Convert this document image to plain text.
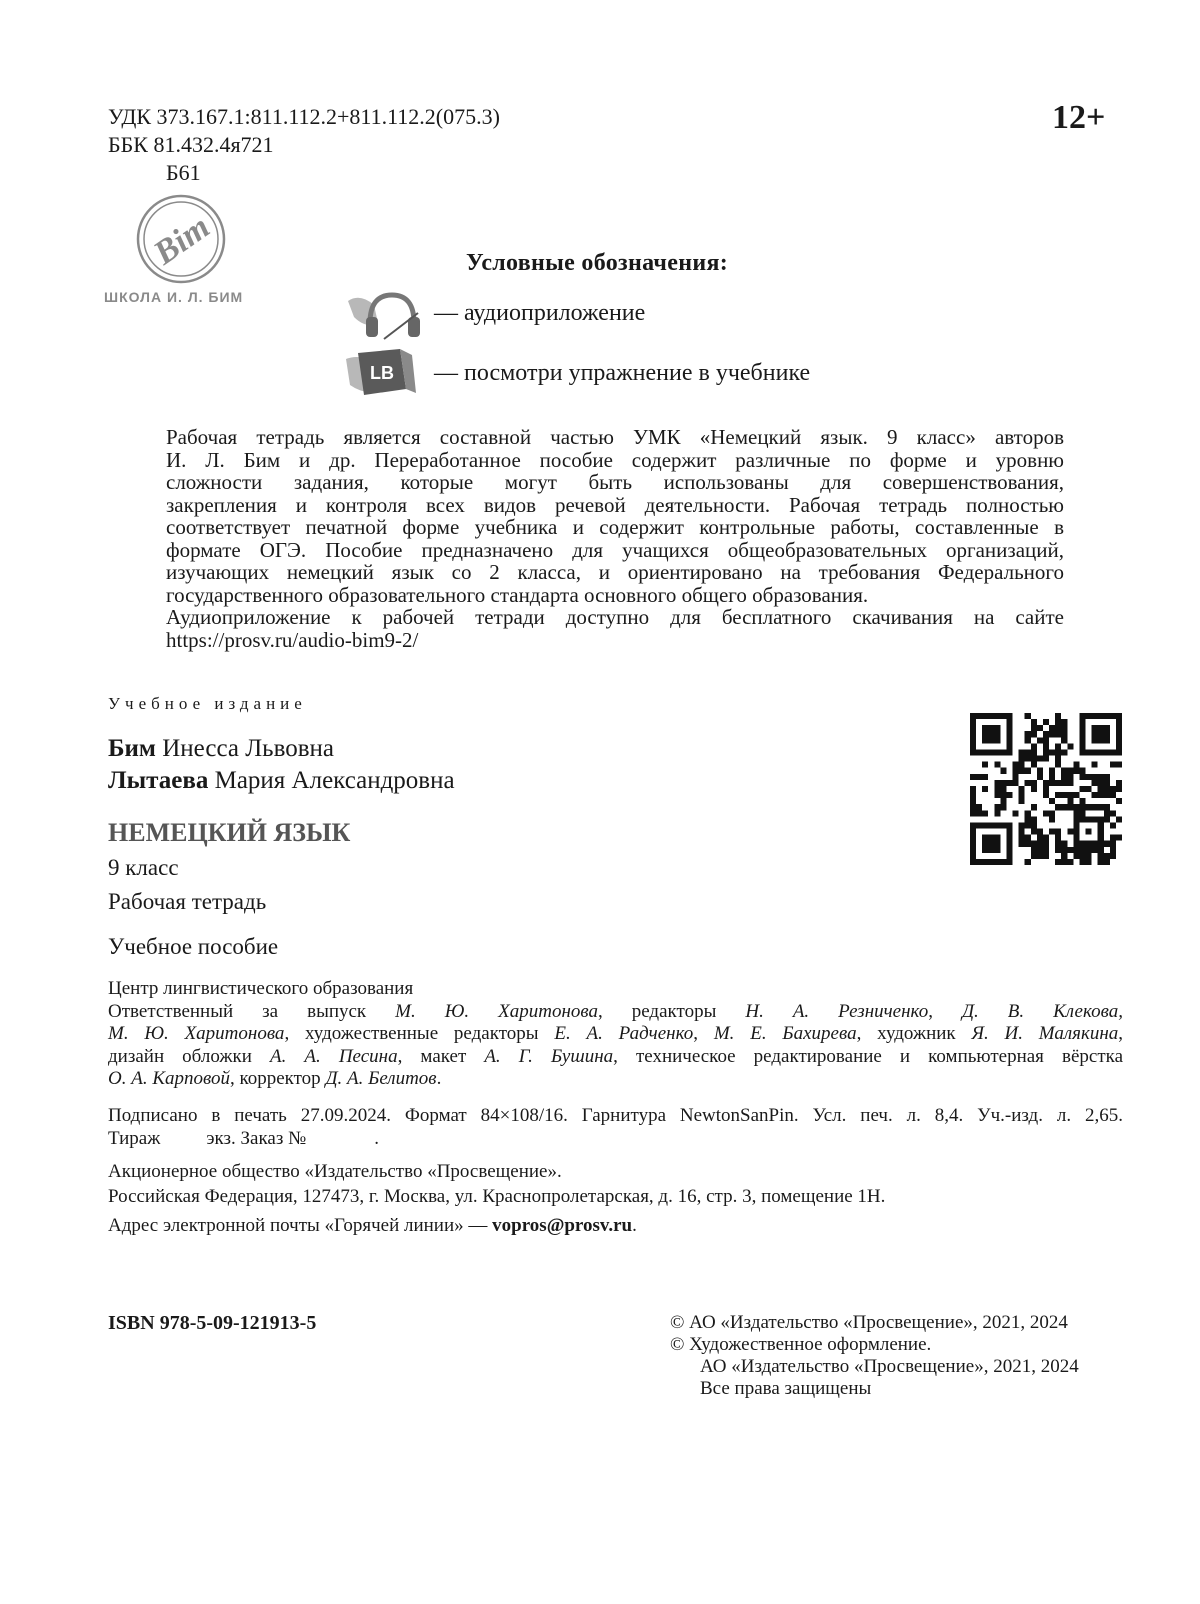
УДК 373.167.1:811.112.2+811.112.2(075.3)
ББК 81.432.4я721
Б61
12+
Bim
ШКОЛА И. Л. БИМ
Условные обозначения:
— аудиоприложение
LB — посмотри упражнение в учебнике
Рабочая тетрадь является составной частью УМК «Немецкий язык. 9 класс» авторов
И. Л. Бим и др. Переработанное пособие содержит различные по форме и уровню
сложности задания, которые могут быть использованы для совершенствования,
закрепления и контроля всех видов речевой деятельности. Рабочая тетрадь полностью
соответствует печатной форме учебника и содержит контрольные работы, составленные в
формате ОГЭ. Пособие предназначено для учащихся общеобразовательных организаций,
изучающих немецкий язык со 2 класса, и ориентировано на требования Федерального
государственного образовательного стандарта основного общего образования.
Аудиоприложение к рабочей тетради доступно для бесплатного скачивания на сайте
https://prosv.ru/audio-bim9-2/
Учебное издание
Бим Инесса Львовна
Лытаева Мария Александровна
НЕМЕЦКИЙ ЯЗЫК
9 класс
Рабочая тетрадь
Учебное пособие
Центр лингвистического образования
Ответственный за выпуск М. Ю. Харитонова, редакторы Н. А. Резниченко, Д. В. Клекова,
М. Ю. Харитонова, художественные редакторы Е. А. Радченко, М. Е. Бахирева, художник Я. И. Малякина,
дизайн обложки А. А. Песина, макет А. Г. Бушина, техническое редактирование и компьютерная вёрстка
О. А. Карповой, корректор Д. А. Белитов.
Подписано в печать 27.09.2024. Формат 84×108/16. Гарнитура NewtonSanPin. Усл. печ. л. 8,4. Уч.-изд. л. 2,65.
Тираж экз. Заказ №	.
Акционерное общество «Издательство «Просвещение».
Российская Федерация, 127473, г. Москва, ул. Краснопролетарская, д. 16, стр. 3, помещение 1Н.
Адрес электронной почты «Горячей линии» — vopros@prosv.ru.
ISBN 978-5-09-121913-5	© АО «Издательство «Просвещение», 2021, 2024
© Художественное оформление.
АО «Издательство «Просвещение», 2021, 2024
Все права защищены
